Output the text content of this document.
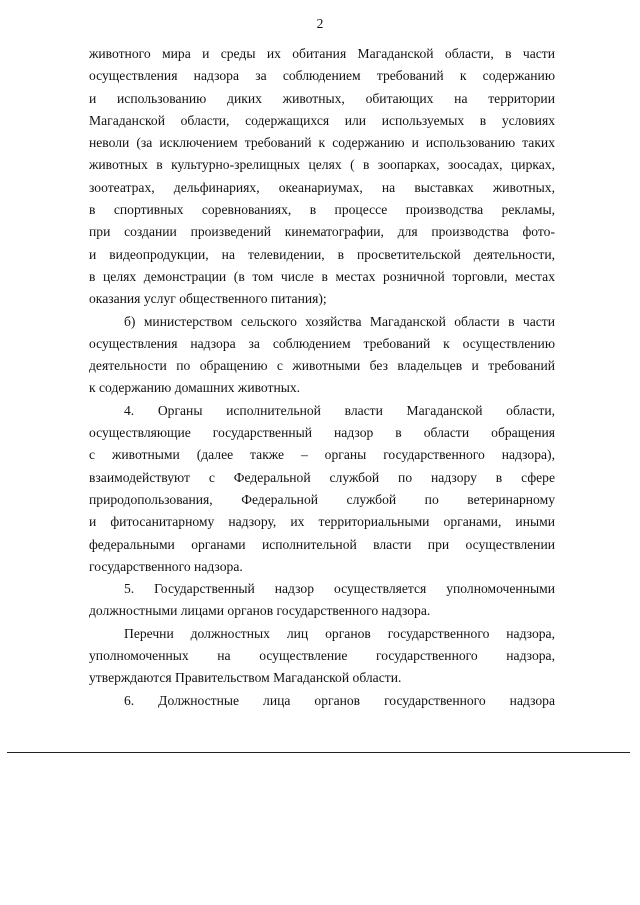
2

животного мира и среды их обитания Магаданской области, в части

осуществления надзора за соблюдением требований к содержанию

и использованию диких животных, обитающих на территории

Магаданской области, содержащихся или используемых в условиях

неволи (за исключением требований к содержанию и использованию таких

животных в культурно-зрелищных целях ( в зоопарках, зоосадах, цирках,

зоотеатрах, дельфинариях, океанариумах, на выставках животных,

в спортивных соревнованиях, в процессе производства рекламы,

при создании произведений кинематографии, для производства фото-

и видеопродукции, на телевидении, в просветительской деятельности,

в целях демонстрации (в том числе в местах розничной торговли, местах

оказания услуг общественного питания);

б) министерством сельского хозяйства Магаданской области в части

осуществления надзора за соблюдением требований к осуществлению

деятельности по обращению с животными без владельцев и требований

к содержанию домашних животных.

4. Органы исполнительной власти Магаданской области,

осуществляющие государственный надзор в области обращения

с животными (далее также – органы государственного надзора),

взаимодействуют с Федеральной службой по надзору в сфере

природопользования, Федеральной службой по ветеринарному

и фитосанитарному надзору, их территориальными органами, иными

федеральными органами исполнительной власти при осуществлении

государственного надзора.

5. Государственный надзор осуществляется уполномоченными

должностными лицами органов государственного надзора.

Перечни должностных лиц органов государственного надзора,

уполномоченных на осуществление государственного надзора,

утверждаются Правительством Магаданской области.

6. Должностные лица органов государственного надзора
